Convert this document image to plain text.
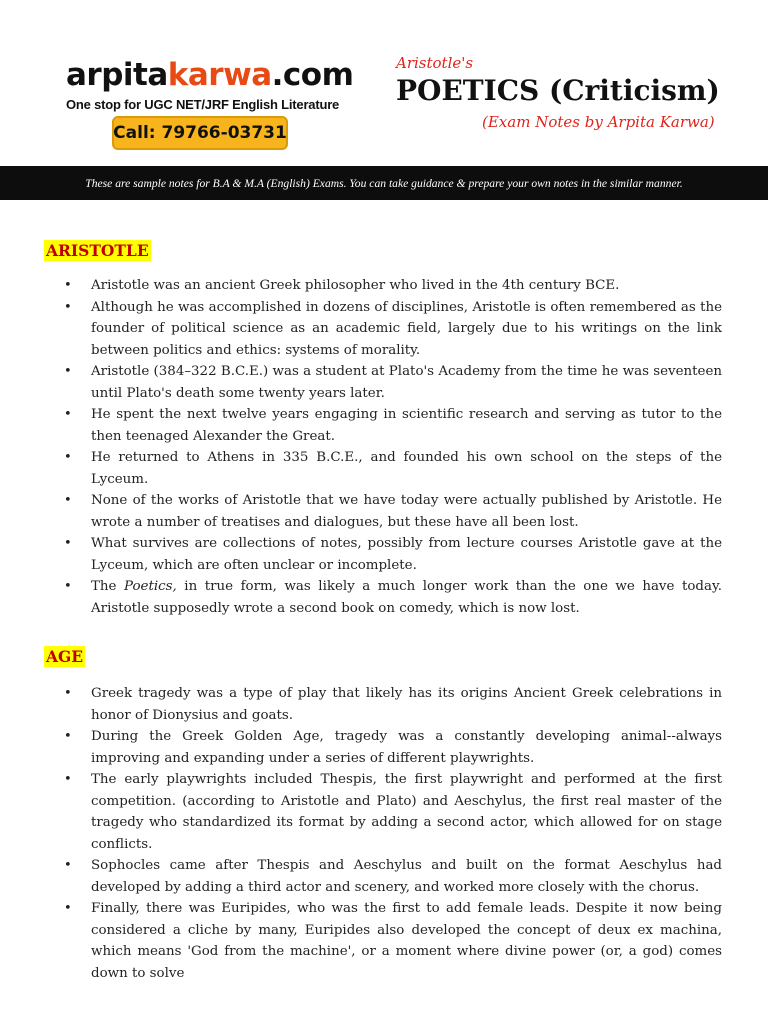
arpitakarwa.com
One stop for UGC NET/JRF English Literature
Call: 79766-03731
Aristotle's
POETICS (Criticism)
(Exam Notes by Arpita Karwa)
These are sample notes for B.A & M.A (English) Exams. You can take guidance & prepare your own notes in the similar manner.
ARISTOTLE
• Aristotle was an ancient Greek philosopher who lived in the 4th century BCE.
• Although he was accomplished in dozens of disciplines, Aristotle is often remembered as the founder of political science as an academic field, largely due to his writings on the link between politics and ethics: systems of morality.
• Aristotle (384–322 B.C.E.) was a student at Plato's Academy from the time he was seventeen until Plato's death some twenty years later.
• He spent the next twelve years engaging in scientific research and serving as tutor to the then teenaged Alexander the Great.
• He returned to Athens in 335 B.C.E., and founded his own school on the steps of the Lyceum.
• None of the works of Aristotle that we have today were actually published by Aristotle. He wrote a number of treatises and dialogues, but these have all been lost.
• What survives are collections of notes, possibly from lecture courses Aristotle gave at the Lyceum, which are often unclear or incomplete.
• The Poetics, in true form, was likely a much longer work than the one we have today. Aristotle supposedly wrote a second book on comedy, which is now lost.
AGE
• Greek tragedy was a type of play that likely has its origins Ancient Greek celebrations in honor of Dionysius and goats.
• During the Greek Golden Age, tragedy was a constantly developing animal--always improving and expanding under a series of different playwrights.
• The early playwrights included Thespis, the first playwright and performed at the first competition. (according to Aristotle and Plato) and Aeschylus, the first real master of the tragedy who standardized its format by adding a second actor, which allowed for on stage conflicts.
• Sophocles came after Thespis and Aeschylus and built on the format Aeschylus had developed by adding a third actor and scenery, and worked more closely with the chorus.
• Finally, there was Euripides, who was the first to add female leads. Despite it now being considered a cliche by many, Euripides also developed the concept of deux ex machina, which means 'God from the machine', or a moment where divine power (or, a god) comes down to solve
